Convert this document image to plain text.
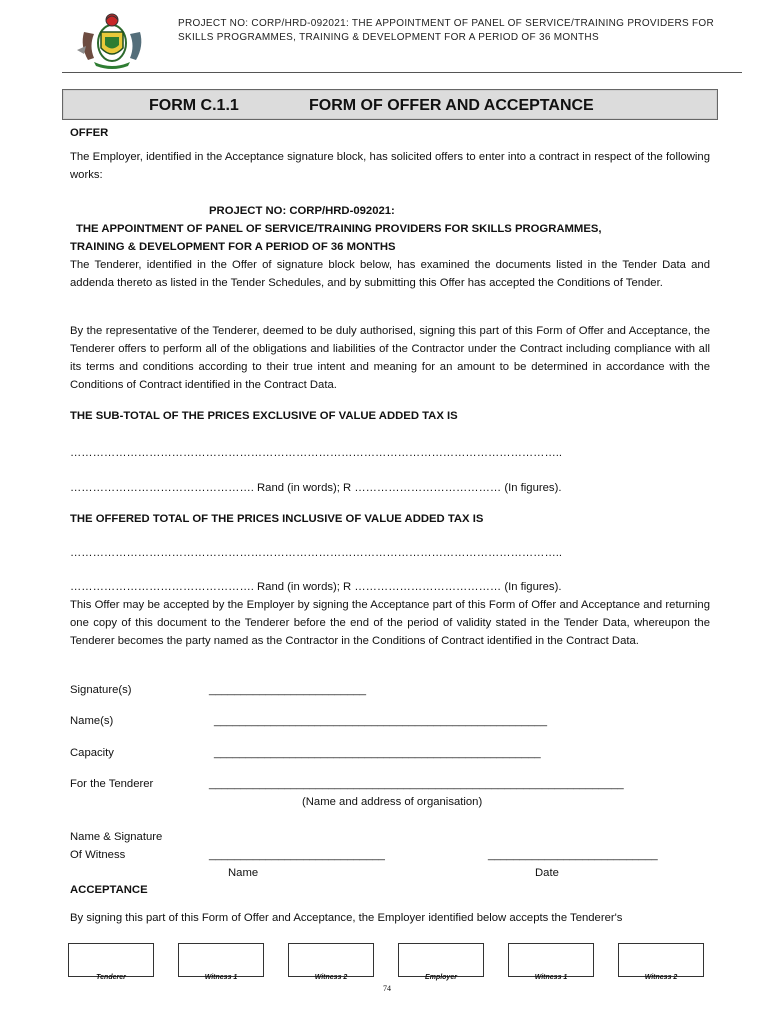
PROJECT NO: CORP/HRD-092021: THE APPOINTMENT OF PANEL OF SERVICE/TRAINING PROVIDERS FOR
SKILLS PROGRAMMES, TRAINING & DEVELOPMENT FOR A PERIOD OF 36 MONTHS
FORM C.1.1	FORM OF OFFER AND ACCEPTANCE
OFFER
The Employer, identified in the Acceptance signature block, has solicited offers to enter into a contract in respect of the following works:
PROJECT NO: CORP/HRD-092021:
THE APPOINTMENT OF PANEL OF SERVICE/TRAINING PROVIDERS FOR SKILLS PROGRAMMES,
TRAINING & DEVELOPMENT FOR A PERIOD OF 36 MONTHS
The Tenderer, identified in the Offer of signature block below, has examined the documents listed in the Tender Data and addenda thereto as listed in the Tender Schedules, and by submitting this Offer has accepted the Conditions of Tender.
By the representative of the Tenderer, deemed to be duly authorised, signing this part of this Form of Offer and Acceptance, the Tenderer offers to perform all of the obligations and liabilities of the Contractor under the Contract including compliance with all its terms and conditions according to their true intent and meaning for an amount to be determined in accordance with the Conditions of Contract identified in the Contract Data.
THE SUB-TOTAL OF THE PRICES EXCLUSIVE OF VALUE ADDED TAX IS
…………………………………………………………………………………………………………………..
…………………………………………. Rand (in words); R ………………………………… (In figures).
THE OFFERED TOTAL OF THE PRICES INCLUSIVE OF VALUE ADDED TAX IS
…………………………………………………………………………………………………………………..
…………………………………………. Rand (in words); R ………………………………… (In figures).
This Offer may be accepted by the Employer by signing the Acceptance part of this Form of Offer and Acceptance and returning one copy of this document to the Tenderer before the end of the period of validity stated in the Tender Data, whereupon the Tenderer becomes the party named as the Contractor in the Conditions of Contract identified in the Contract Data.
Signature(s)	_________________________
Name(s)	_____________________________________________________
Capacity	____________________________________________________
For the Tenderer	__________________________________________________________________
(Name and address of organisation)
Name & Signature
Of Witness	____________________________	___________________________
Name	Date
ACCEPTANCE
By signing this part of this Form of Offer and Acceptance, the Employer identified below accepts the Tenderer's
Tenderer	Witness 1	Witness 2	Employer	Witness 1	Witness 2
74
